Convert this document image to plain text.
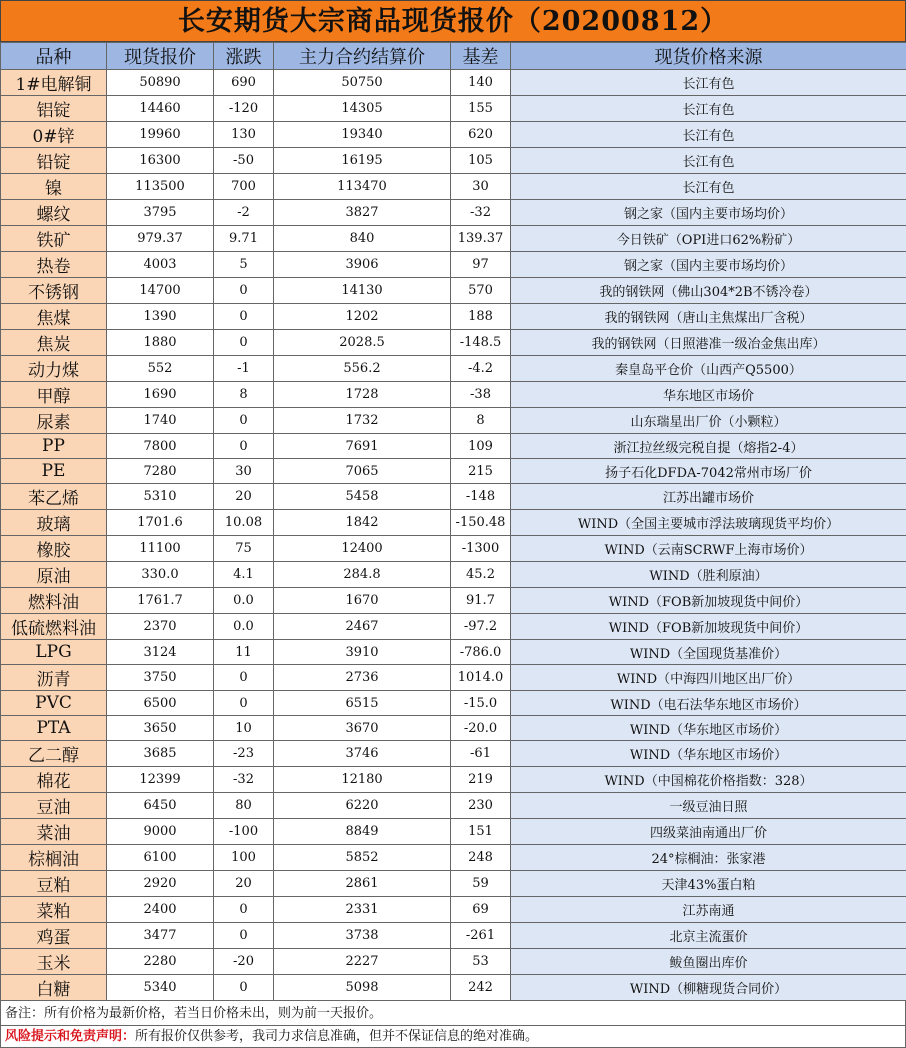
长安期货大宗商品现货报价（20200812）
品种	现货报价	涨跌	主力合约结算价	基差	现货价格来源
1#电解铜	50890	690	50750	140	长江有色
铝锭	14460	-120	14305	155	长江有色
0#锌	19960	130	19340	620	长江有色
铅锭	16300	-50	16195	105	长江有色
镍	113500	700	113470	30	长江有色
螺纹	3795	-2	3827	-32	钢之家（国内主要市场均价）
铁矿	979.37	9.71	840	139.37	今日铁矿（OPI进口62%粉矿）
热卷	4003	5	3906	97	钢之家（国内主要市场均价）
不锈钢	14700	0	14130	570	我的钢铁网（佛山304*2B不锈冷卷）
焦煤	1390	0	1202	188	我的钢铁网（唐山主焦煤出厂含税）
焦炭	1880	0	2028.5	-148.5	我的钢铁网（日照港准一级冶金焦出库）
动力煤	552	-1	556.2	-4.2	秦皇岛平仓价（山西产Q5500）
甲醇	1690	8	1728	-38	华东地区市场价
尿素	1740	0	1732	8	山东瑞星出厂价（小颗粒）
PP	7800	0	7691	109	浙江拉丝级完税自提（熔指2-4）
PE	7280	30	7065	215	扬子石化DFDA-7042常州市场厂价
苯乙烯	5310	20	5458	-148	江苏出罐市场价
玻璃	1701.6	10.08	1842	-150.48	WIND（全国主要城市浮法玻璃现货平均价）
橡胶	11100	75	12400	-1300	WIND（云南SCRWF上海市场价）
原油	330.0	4.1	284.8	45.2	WIND（胜利原油）
燃料油	1761.7	0.0	1670	91.7	WIND（FOB新加坡现货中间价）
低硫燃料油	2370	0.0	2467	-97.2	WIND（FOB新加坡现货中间价）
LPG	3124	11	3910	-786.0	WIND（全国现货基准价）
沥青	3750	0	2736	1014.0	WIND（中海四川地区出厂价）
PVC	6500	0	6515	-15.0	WIND（电石法华东地区市场价）
PTA	3650	10	3670	-20.0	WIND（华东地区市场价）
乙二醇	3685	-23	3746	-61	WIND（华东地区市场价）
棉花	12399	-32	12180	219	WIND（中国棉花价格指数：328）
豆油	6450	80	6220	230	一级豆油日照
菜油	9000	-100	8849	151	四级菜油南通出厂价
棕榈油	6100	100	5852	248	24°棕榈油：张家港
豆粕	2920	20	2861	59	天津43%蛋白粕
菜粕	2400	0	2331	69	江苏南通
鸡蛋	3477	0	3738	-261	北京主流蛋价
玉米	2280	-20	2227	53	鲅鱼圈出库价
白糖	5340	0	5098	242	WIND（柳糖现货合同价）
备注：所有价格为最新价格，若当日价格未出，则为前一天报价。
风险提示和免责声明：所有报价仅供参考，我司力求信息准确，但并不保证信息的绝对准确。
